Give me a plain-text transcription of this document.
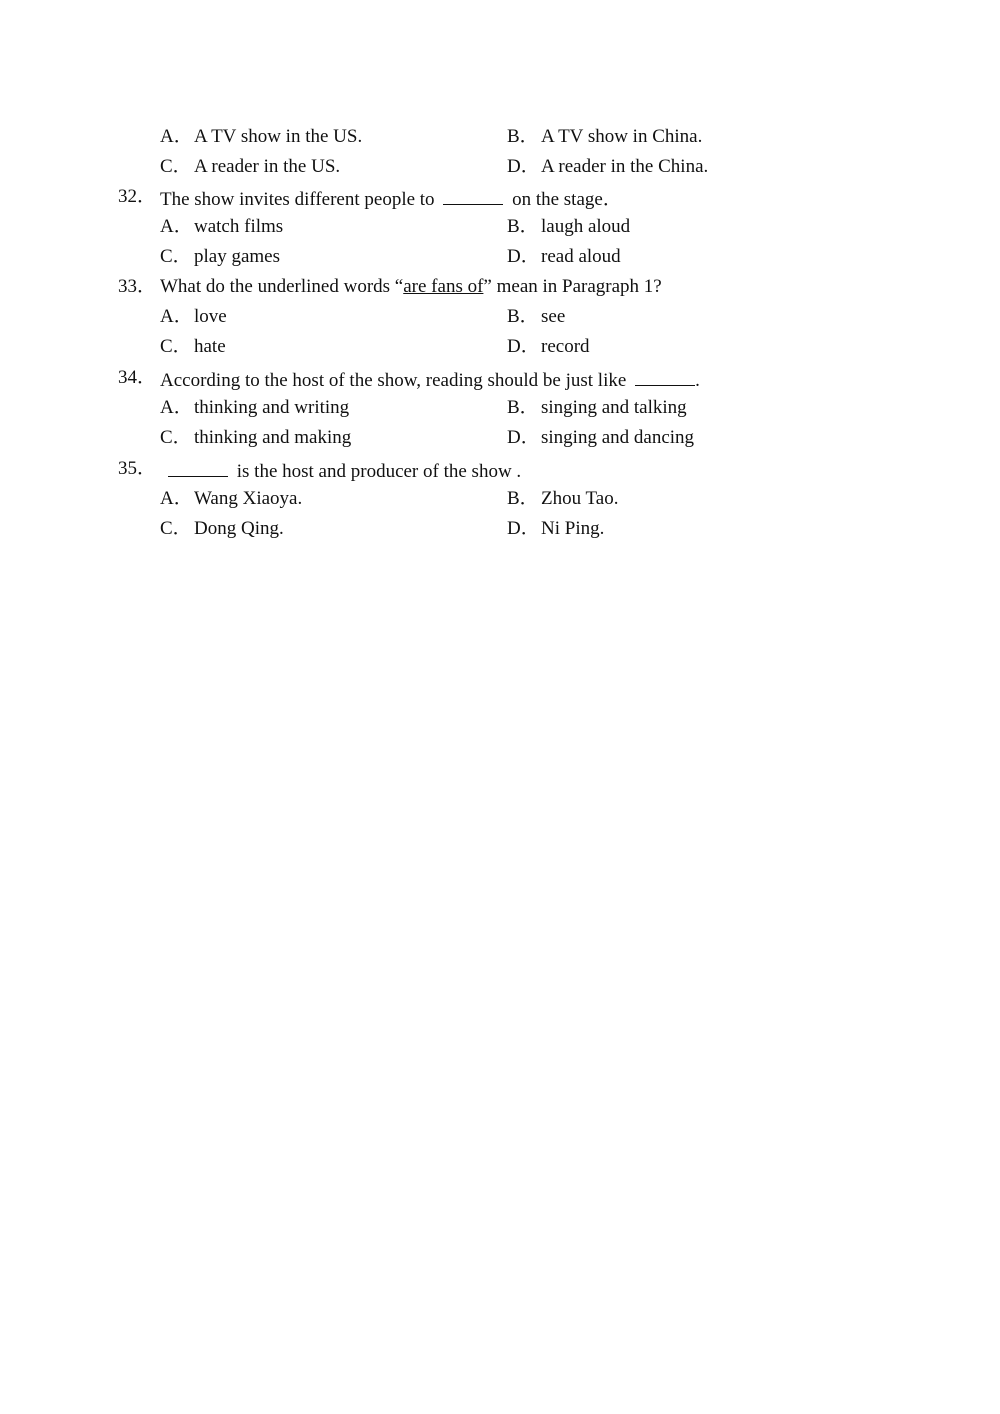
A．A TV show in the US.	B． A TV show in China.
C． A reader in the US.	D．A reader in the China.
32． The show invites different people to	on the stage．
A．watch films	B． laugh aloud
C． play games	D．read aloud
33． What do the underlined words “are fans of” mean in Paragraph 1?
A．love	B． see
C． hate	D．record
34． According to the host of the show, reading should be just like	.
A．thinking and writing	B． singing and talking
C． thinking and making	D．singing and dancing
35．	is the host and producer of the show .
A．Wang Xiaoya.	B． Zhou Tao.
C． Dong Qing.	D．Ni Ping.
